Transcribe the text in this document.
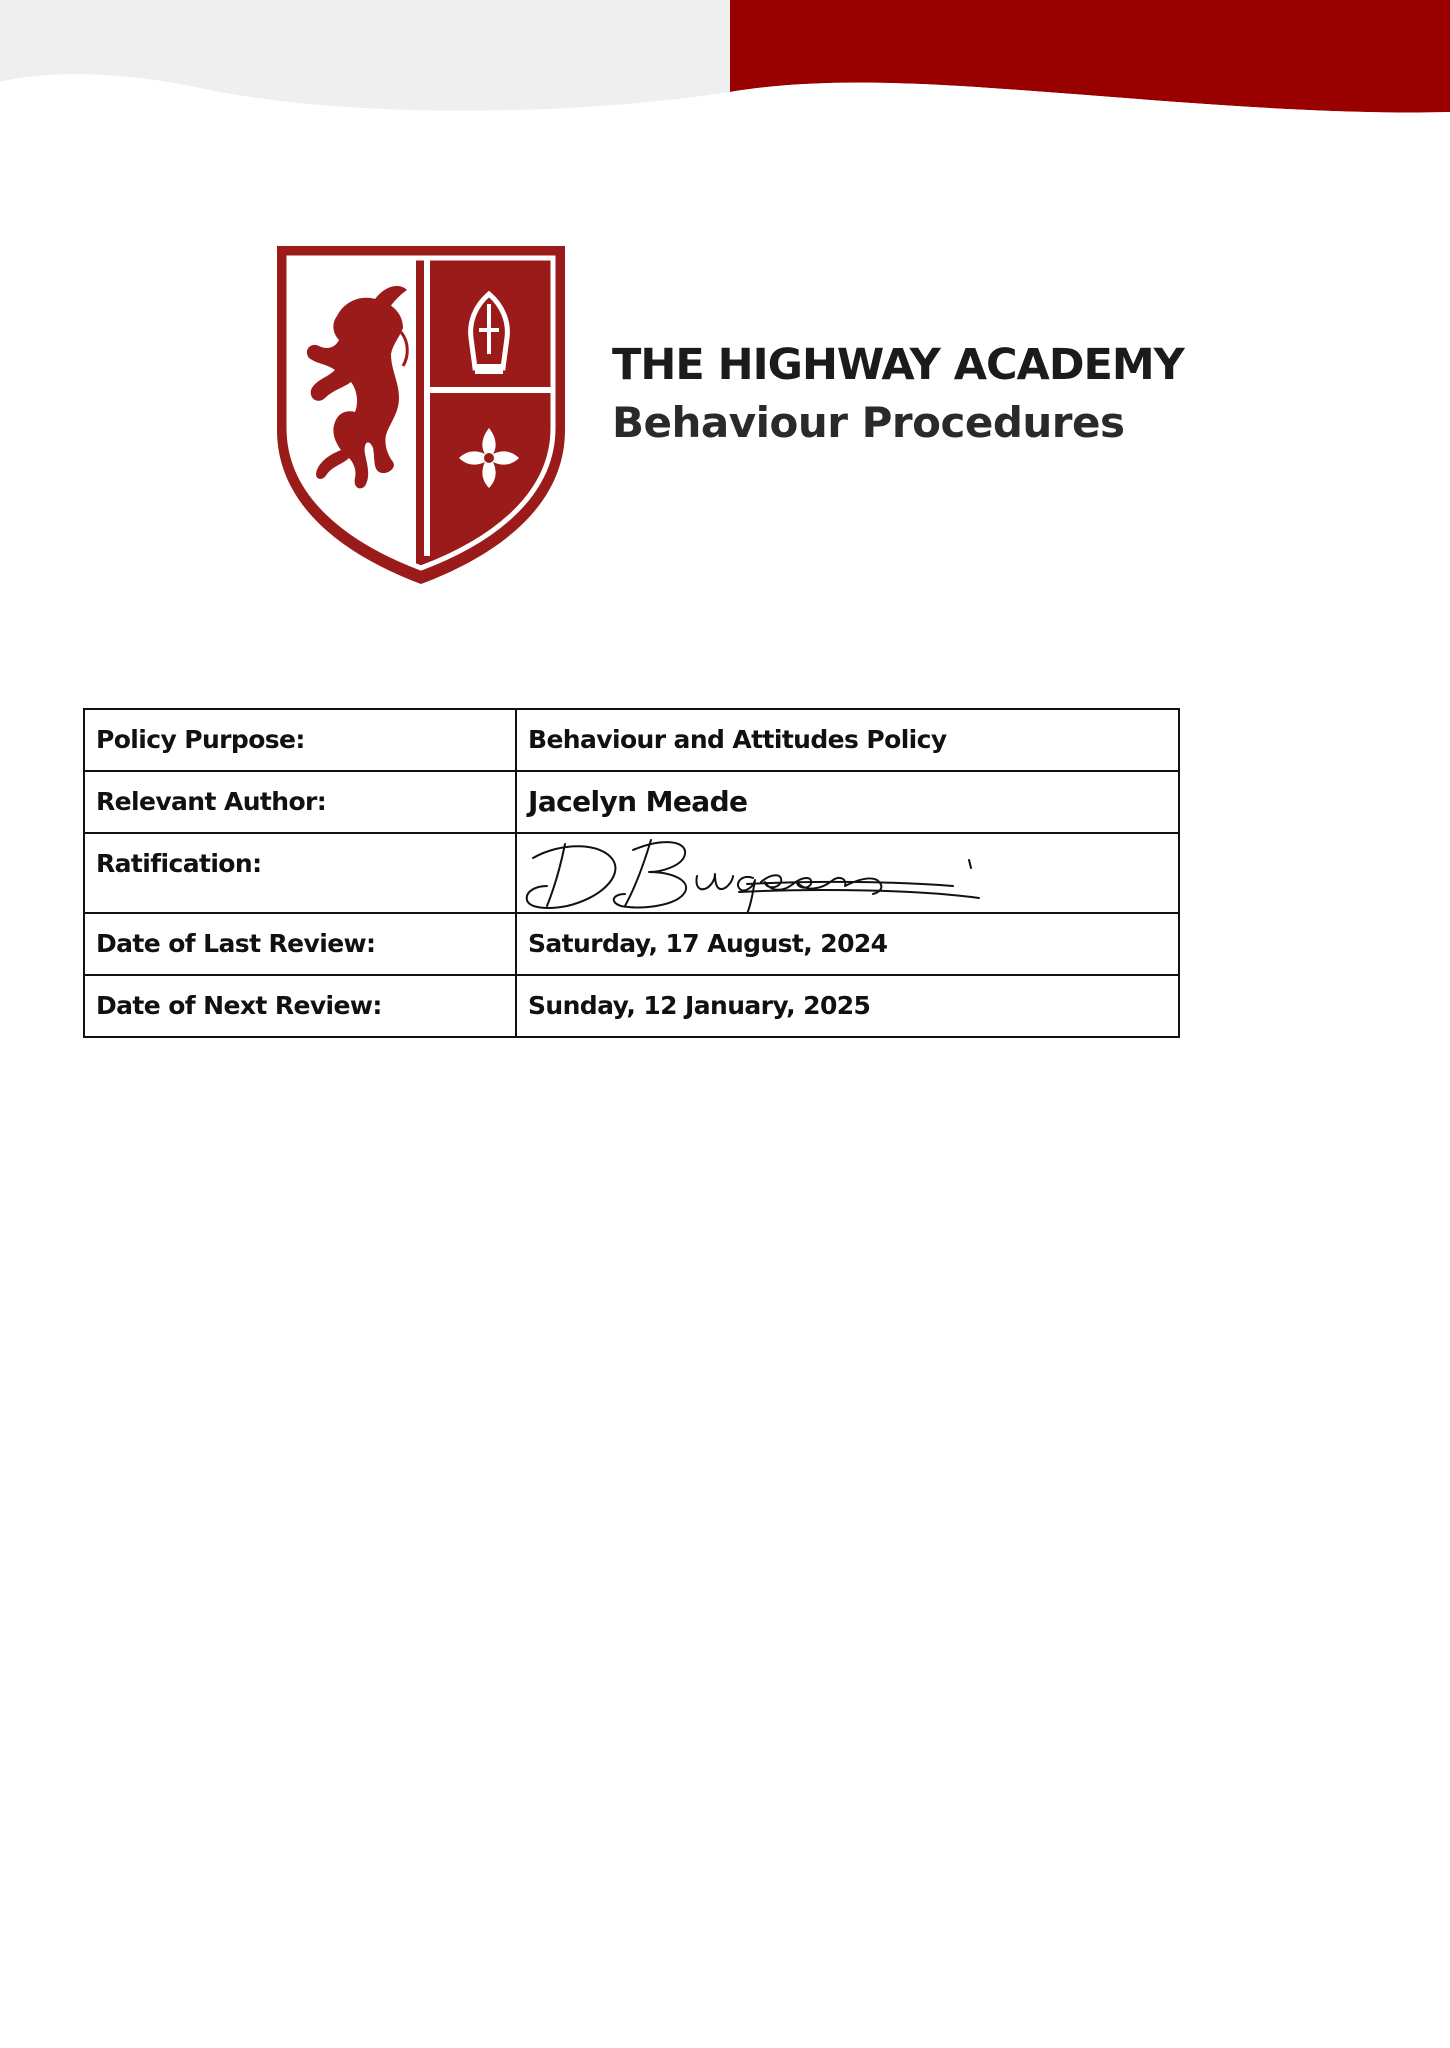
THE HIGHWAY ACADEMY
Behaviour Procedures
Policy Purpose:	Behaviour and Attitudes Policy
Relevant Author:	Jacelyn Meade
Ratification:	

Date of Last Review:	Saturday, 17 August, 2024
Date of Next Review:	Sunday, 12 January, 2025
